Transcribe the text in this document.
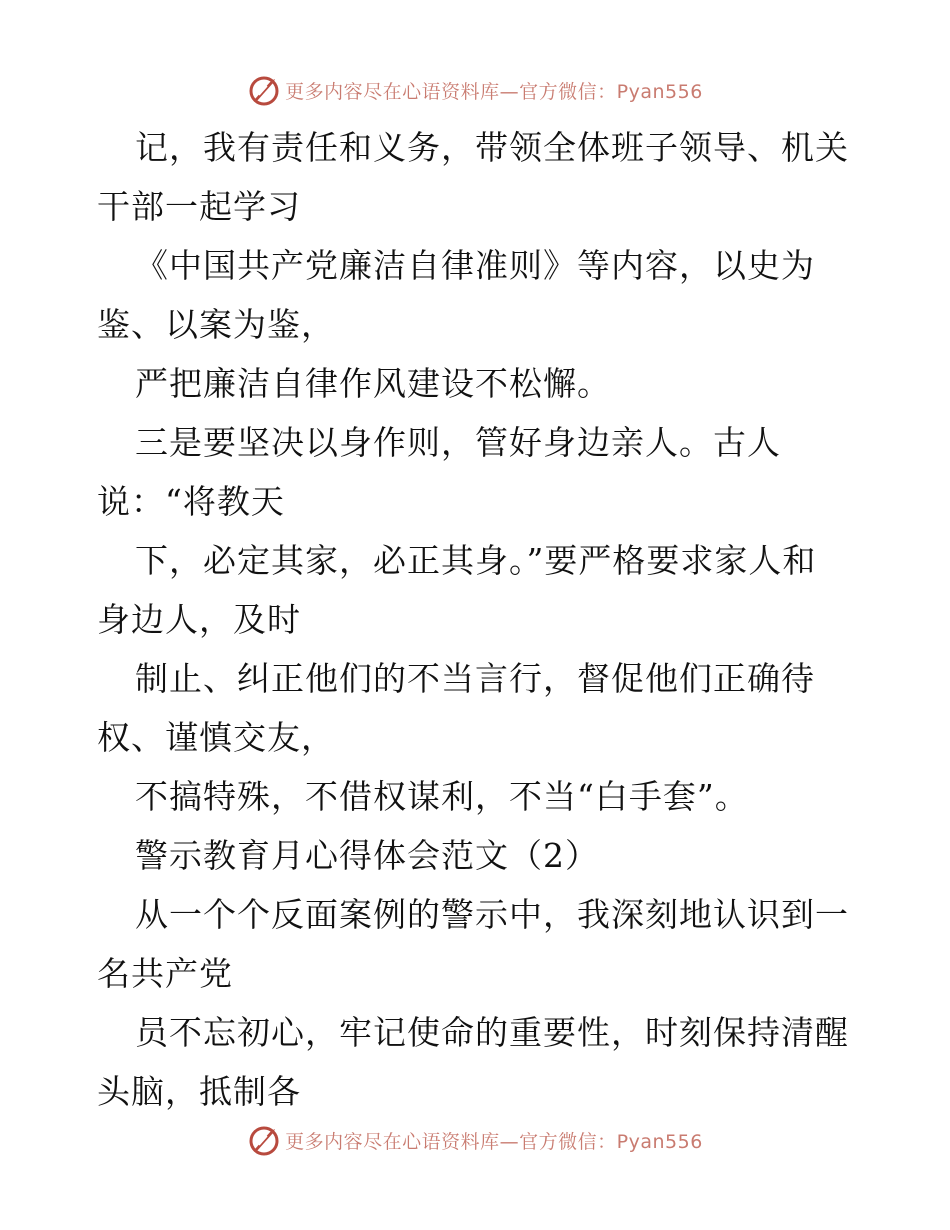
更多内容尽在心语资料库—官方微信：Pyan556
记，我有责任和义务，带领全体班子领导、机关
干部一起学习
《中国共产党廉洁自律准则》等内容，以史为
鉴、以案为鉴，
严把廉洁自律作风建设不松懈。
三是要坚决以身作则，管好身边亲人。古人
说：“将教天
下，必定其家，必正其身。”要严格要求家人和
身边人，及时
制止、纠正他们的不当言行，督促他们正确待
权、谨慎交友，
不搞特殊，不借权谋利，不当“白手套”。
警示教育月心得体会范文（2）
从一个个反面案例的警示中，我深刻地认识到一
名共产党
员不忘初心，牢记使命的重要性，时刻保持清醒
头脑，抵制各
更多内容尽在心语资料库—官方微信：Pyan556
